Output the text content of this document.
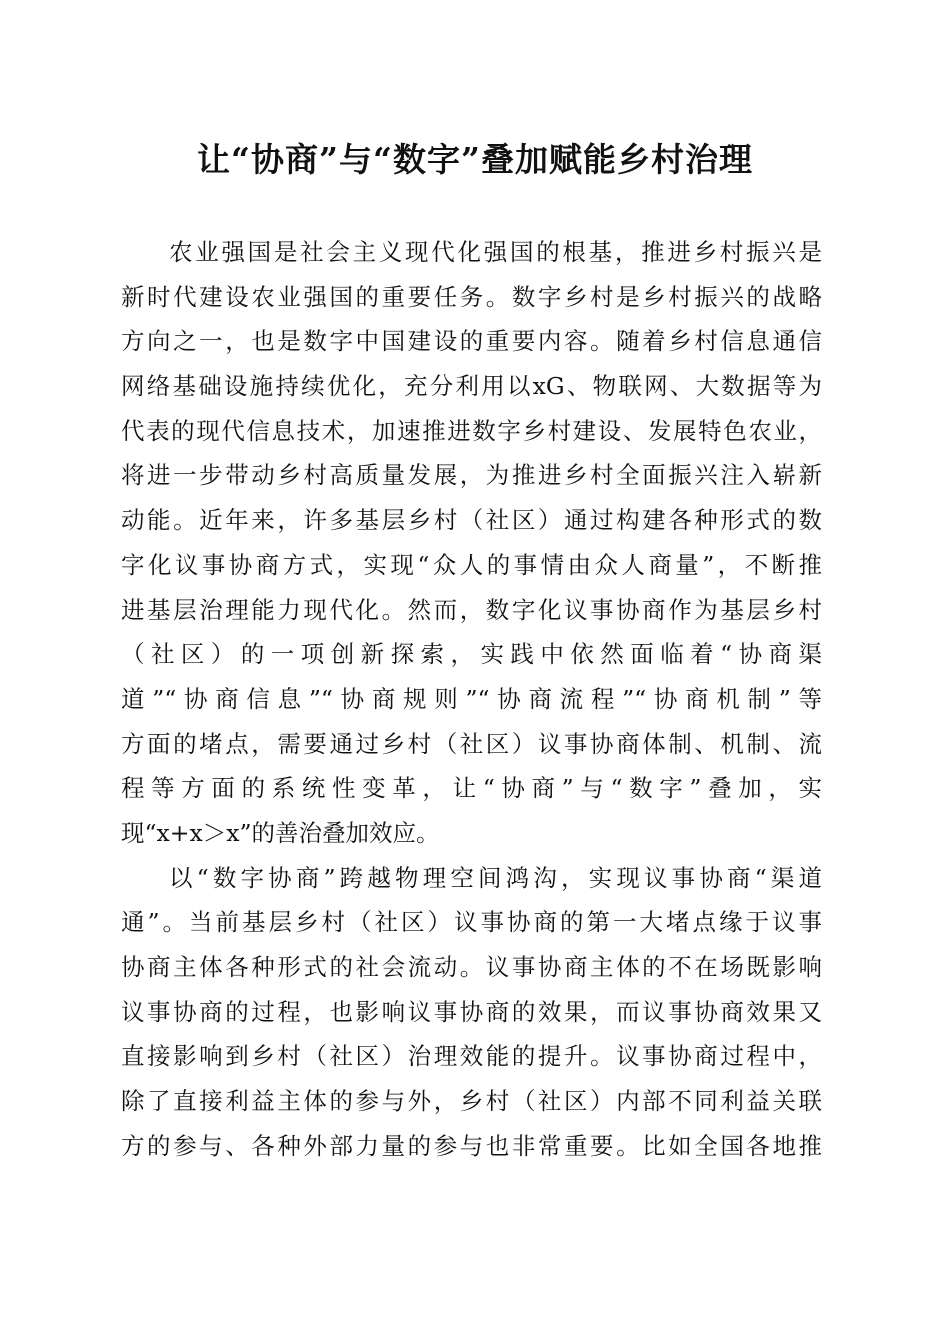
让“协商”与“数字”叠加赋能乡村治理
农业强国是社会主义现代化强国的根基，推进乡村振兴是
新时代建设农业强国的重要任务。数字乡村是乡村振兴的战略
方向之一，也是数字中国建设的重要内容。随着乡村信息通信
网络基础设施持续优化，充分利用以xG、物联网、大数据等为
代表的现代信息技术，加速推进数字乡村建设、发展特色农业，
将进一步带动乡村高质量发展，为推进乡村全面振兴注入崭新
动能。近年来，许多基层乡村（社区）通过构建各种形式的数
字化议事协商方式，实现“众人的事情由众人商量”，不断推
进基层治理能力现代化。然而，数字化议事协商作为基层乡村
（社区）的一项创新探索，实践中依然面临着“协商渠
道”“协商信息”“协商规则”“协商流程”“协商机制”等
方面的堵点，需要通过乡村（社区）议事协商体制、机制、流
程等方面的系统性变革，让“协商”与“数字”叠加，实
现“x+x＞x”的善治叠加效应。
以“数字协商”跨越物理空间鸿沟，实现议事协商“渠道
通”。当前基层乡村（社区）议事协商的第一大堵点缘于议事
协商主体各种形式的社会流动。议事协商主体的不在场既影响
议事协商的过程，也影响议事协商的效果，而议事协商效果又
直接影响到乡村（社区）治理效能的提升。议事协商过程中，
除了直接利益主体的参与外，乡村（社区）内部不同利益关联
方的参与、各种外部力量的参与也非常重要。比如全国各地推
